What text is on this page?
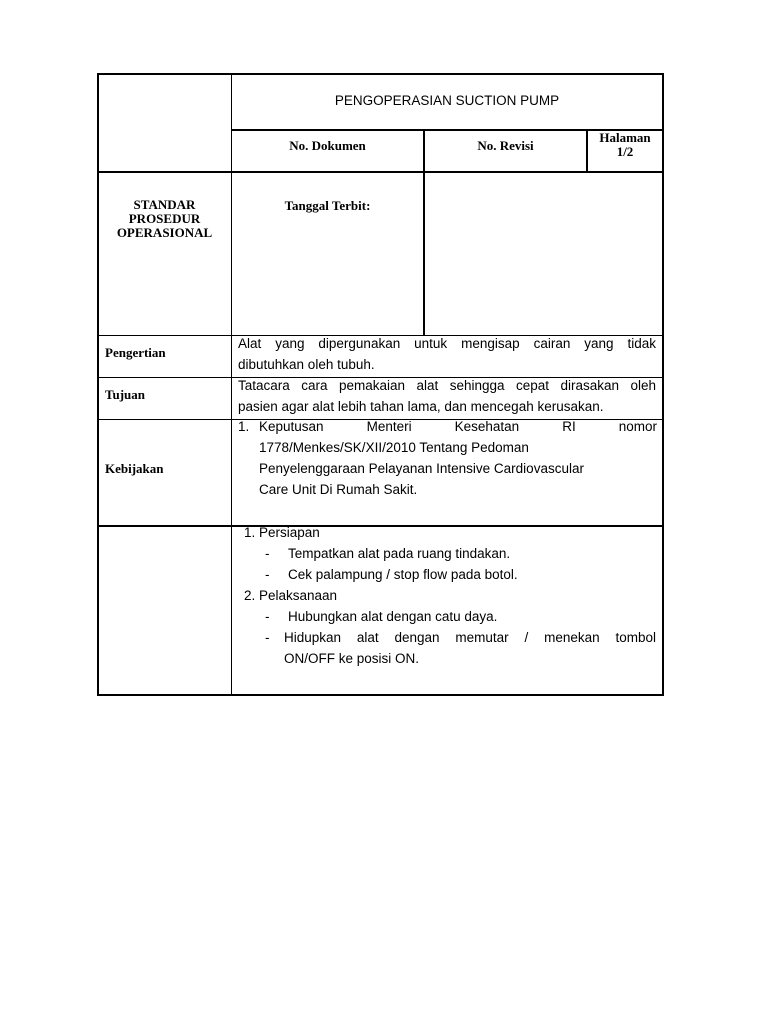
PENGOPERASIAN SUCTION PUMP
No. Dokumen	No. Revisi
Halaman
1/2
STANDAR
PROSEDUR
OPERASIONAL
Tanggal Terbit:
Pengertian
Alat yang dipergunakan untuk mengisap cairan yang tidak
dibutuhkan oleh tubuh.
Tujuan
Tatacara cara pemakaian alat sehingga cepat dirasakan oleh
pasien agar alat lebih tahan lama, dan mencegah kerusakan.
Kebijakan
1. Keputusan Menteri Kesehatan RI nomor
1778/Menkes/SK/XII/2010 Tentang Pedoman
Penyelenggaraan Pelayanan Intensive Cardiovascular
Care Unit Di Rumah Sakit.
1. Persiapan
- Tempatkan alat pada ruang tindakan.
- Cek palampung / stop flow pada botol.
2. Pelaksanaan
- Hubungkan alat dengan catu daya.
- Hidupkan alat dengan memutar / menekan tombol
ON/OFF ke posisi ON.
